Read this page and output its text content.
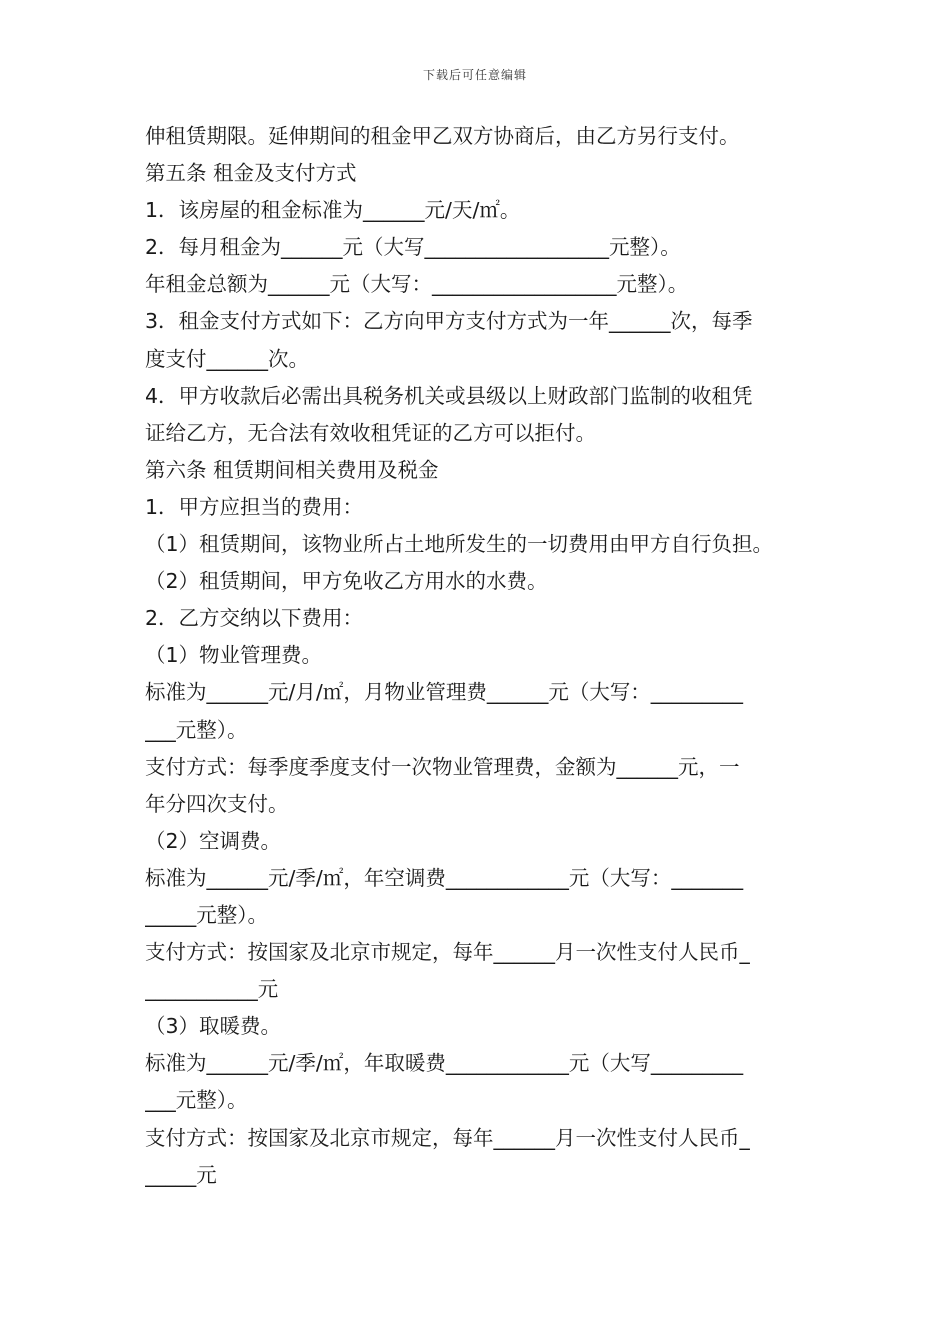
下载后可任意编辑
伸租赁期限。延伸期间的租金甲乙双方协商后，由乙方另行支付。
第五条 租金及支付方式
1．该房屋的租金标准为______元/天/㎡。
2．每月租金为______元（大写__________________元整）。
年租金总额为______元（大写：__________________元整）。
3．租金支付方式如下：乙方向甲方支付方式为一年______次，每季
度支付______次。
4．甲方收款后必需出具税务机关或县级以上财政部门监制的收租凭
证给乙方，无合法有效收租凭证的乙方可以拒付。
第六条 租赁期间相关费用及税金
1．甲方应担当的费用：
（1）租赁期间，该物业所占土地所发生的一切费用由甲方自行负担。
（2）租赁期间，甲方免收乙方用水的水费。
2．乙方交纳以下费用：
（1）物业管理费。
标准为______元/月/㎡，月物业管理费______元（大写：_________
___元整）。
支付方式：每季度季度支付一次物业管理费，金额为______元，一
年分四次支付。
（2）空调费。
标准为______元/季/㎡，年空调费____________元（大写：_______
_____元整）。
支付方式：按国家及北京市规定，每年______月一次性支付人民币_
___________元
（3）取暖费。
标准为______元/季/㎡，年取暖费____________元（大写_________
___元整）。
支付方式：按国家及北京市规定，每年______月一次性支付人民币_
_____元
